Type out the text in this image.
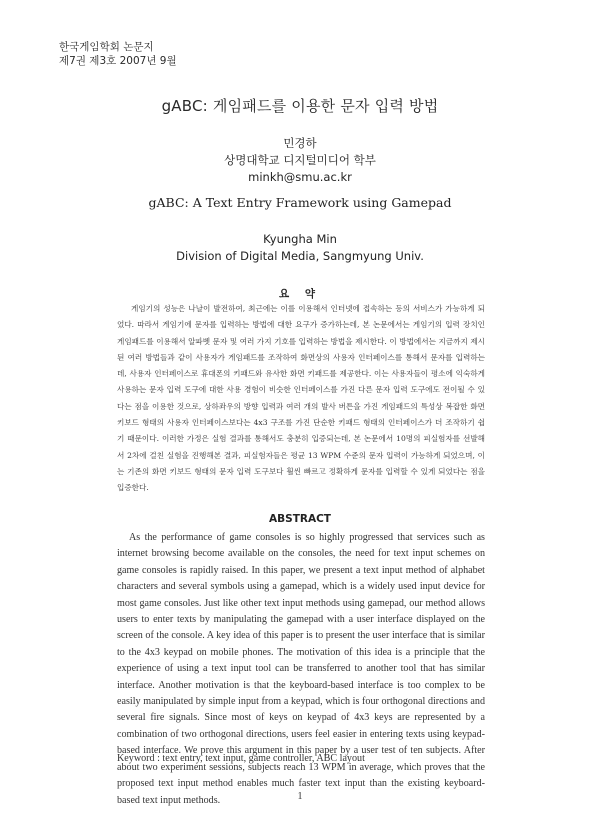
한국게임학회 논문지
제7권 제3호 2007년 9월
gABC: 게임패드를 이용한 문자 입력 방법
민경하
상명대학교 디지털미디어 학부
minkh@smu.ac.kr
gABC: A Text Entry Framework using Gamepad
Kyungha Min
Division of Digital Media, Sangmyung Univ.
요 약

게임기의 성능은 나날이 발전하여, 최근에는 이를 이용해서 인터넷에 접속하는 등의 서비스가 가능하게 되었다. 따라서 게임기에 문자를 입력하는 방법에 대한 요구가 증가하는데, 본 논문에서는 게임기의 입력 장치인 게임패드를 이용해서 알파벳 문자 및 여러 가지 기호를 입력하는 방법을 제시한다. 이 방법에서는 지금까지 제시된 여러 방법들과 같이 사용자가 게임패드를 조작하여 화면상의 사용자 인터페이스를 통해서 문자를 입력하는데, 사용자 인터페이스로 휴대폰의 키패드와 유사한 화면 키패드를 제공한다. 이는 사용자들이 평소에 익숙하게 사용하는 문자 입력 도구에 대한 사용 경험이 비슷한 인터페이스를 가진 다른 문자 입력 도구에도 전이될 수 있다는 점을 이용한 것으로, 상하좌우의 방향 입력과 여러 개의 발사 버튼을 가진 게임패드의 특성상 복잡한 화면 키보드 형태의 사용자 인터페이스보다는 4x3 구조를 가진 단순한 키패드 형태의 인터페이스가 더 조작하기 쉽기 때문이다. 이러한 가정은 실험 결과를 통해서도 충분히 입증되는데, 본 논문에서 10명의 피실험자를 선발해서 2차에 걸친 실험을 진행해본 결과, 피실험자들은 평균 13 WPM 수준의 문자 입력이 가능하게 되었으며, 이는 기존의 화면 키보드 형태의 문자 입력 도구보다 훨씬 빠르고 정확하게 문자를 입력할 수 있게 되었다는 점을 입증한다.

ABSTRACT

As the performance of game consoles is so highly progressed that services such as internet browsing become available on the consoles, the need for text input schemes on game consoles is rapidly raised. In this paper, we present a text input method of alphabet characters and several symbols using a gamepad, which is a widely used input device for most game consoles. Just like other text input methods using gamepad, our method allows users to enter texts by manipulating the gamepad with a user interface displayed on the screen of the console. A key idea of this paper is to present the user interface that is similar to the 4x3 keypad on mobile phones. The motivation of this idea is a principle that the experience of using a text input tool can be transferred to another tool that has similar interface. Another motivation is that the keyboard-based interface is too complex to be easily manipulated by simple input from a keypad, which is four orthogonal directions and several fire signals. Since most of keys on keypad of 4x3 keys are represented by a combination of two orthogonal directions, users feel easier in entering texts using keypad-based interface. We prove this argument in this paper by a user test of ten subjects. After about two experiment sessions, subjects reach 13 WPM in average, which proves that the proposed text input method enables much faster text input than the existing keyboard-based text input methods.

Keyword : text entry, text input, game controller, ABC layout
1
